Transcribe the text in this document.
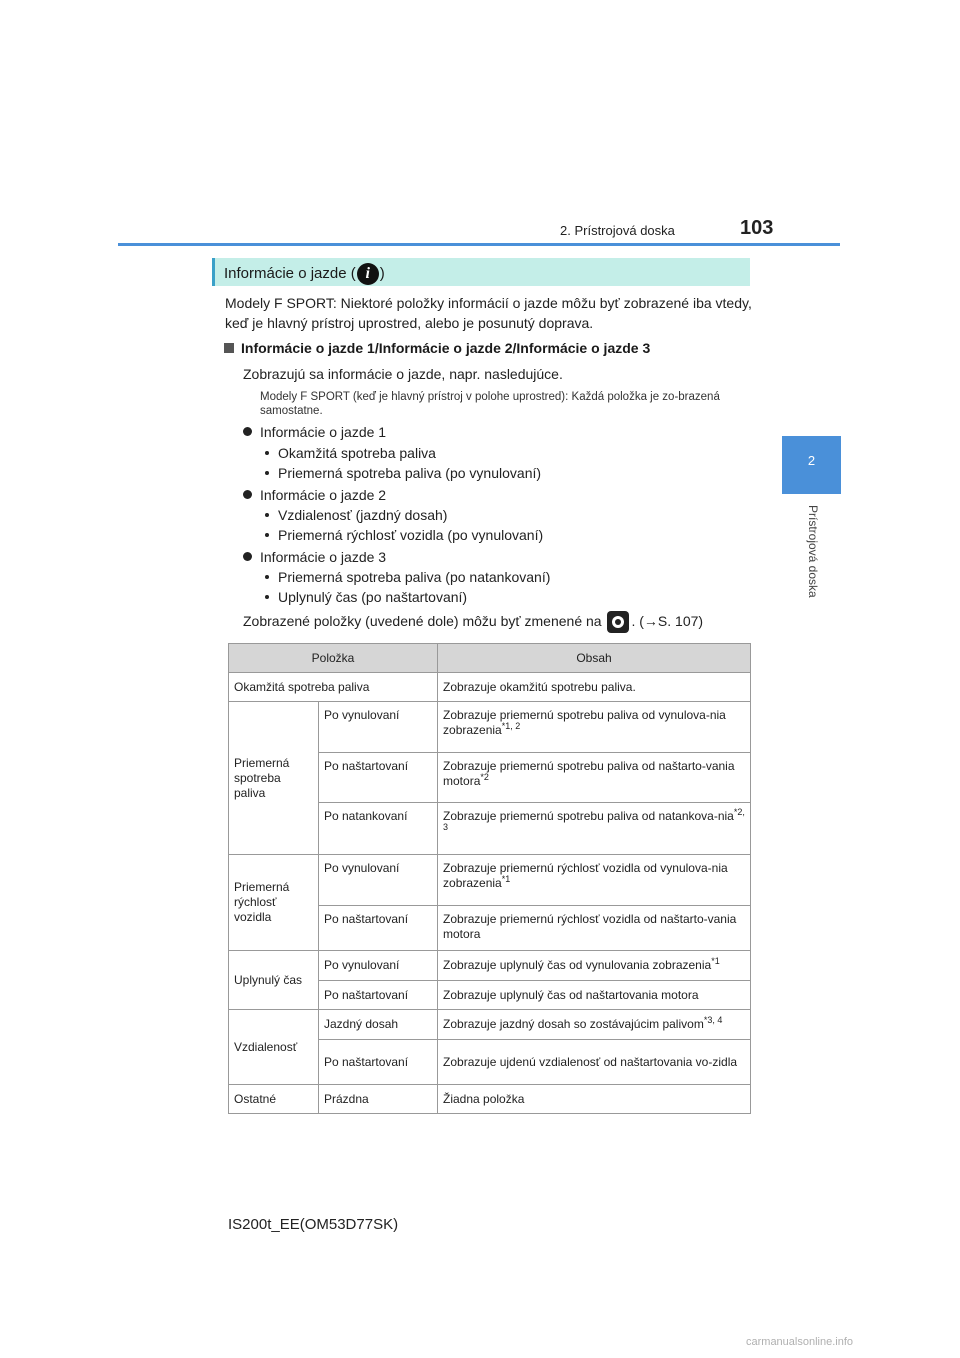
2. Prístrojová doska	103
2
Prístrojová doska
Informácie o jazde ( i )
Modely F SPORT: Niektoré položky informácií o jazde môžu byť zobrazené iba vtedy, keď je hlavný prístroj uprostred, alebo je posunutý doprava.
Informácie o jazde 1/Informácie o jazde 2/Informácie o jazde 3
Zobrazujú sa informácie o jazde, napr. nasledujúce.
Modely F SPORT (keď je hlavný prístroj v polohe uprostred): Každá položka je zo-brazená samostatne.
Informácie o jazde 1
Okamžitá spotreba paliva
Priemerná spotreba paliva (po vynulovaní)
Informácie o jazde 2
Vzdialenosť (jazdný dosah)
Priemerná rýchlosť vozidla (po vynulovaní)
Informácie o jazde 3
Priemerná spotreba paliva (po natankovaní)
Uplynulý čas (po naštartovaní)
Zobrazené položky (uvedené dole) môžu byť zmenené na . (→S. 107)
Položka		Obsah
Okamžitá spotreba paliva		Zobrazuje okamžitú spotrebu paliva.
Priemerná spotreba paliva	Po vynulovaní	Zobrazuje priemernú spotrebu paliva od vynulova-nia zobrazenia$^{*1, 2}$
	Po naštartovaní	Zobrazuje priemernú spotrebu paliva od naštarto-vania motora$^{*2}$
	Po natankovaní	Zobrazuje priemernú spotrebu paliva od natankova-nia$^{*2, 3}$
Priemerná rýchlosť vozidla	Po vynulovaní	Zobrazuje priemernú rýchlosť vozidla od vynulova-nia zobrazenia$^{*1}$
	Po naštartovaní	Zobrazuje priemernú rýchlosť vozidla od naštarto-vania motora
Uplynulý čas	Po vynulovaní	Zobrazuje uplynulý čas od vynulovania zobrazenia$^{*1}$
	Po naštartovaní	Zobrazuje uplynulý čas od naštartovania motora
Vzdialenosť	Jazdný dosah	Zobrazuje jazdný dosah so zostávajúcim palivom$^{*3, 4}$
	Po naštartovaní	Zobrazuje ujdenú vzdialenosť od naštartovania vo-zidla
Ostatné	Prázdna	Žiadna položka
IS200t_EE(OM53D77SK)
carmanualsonline.info
